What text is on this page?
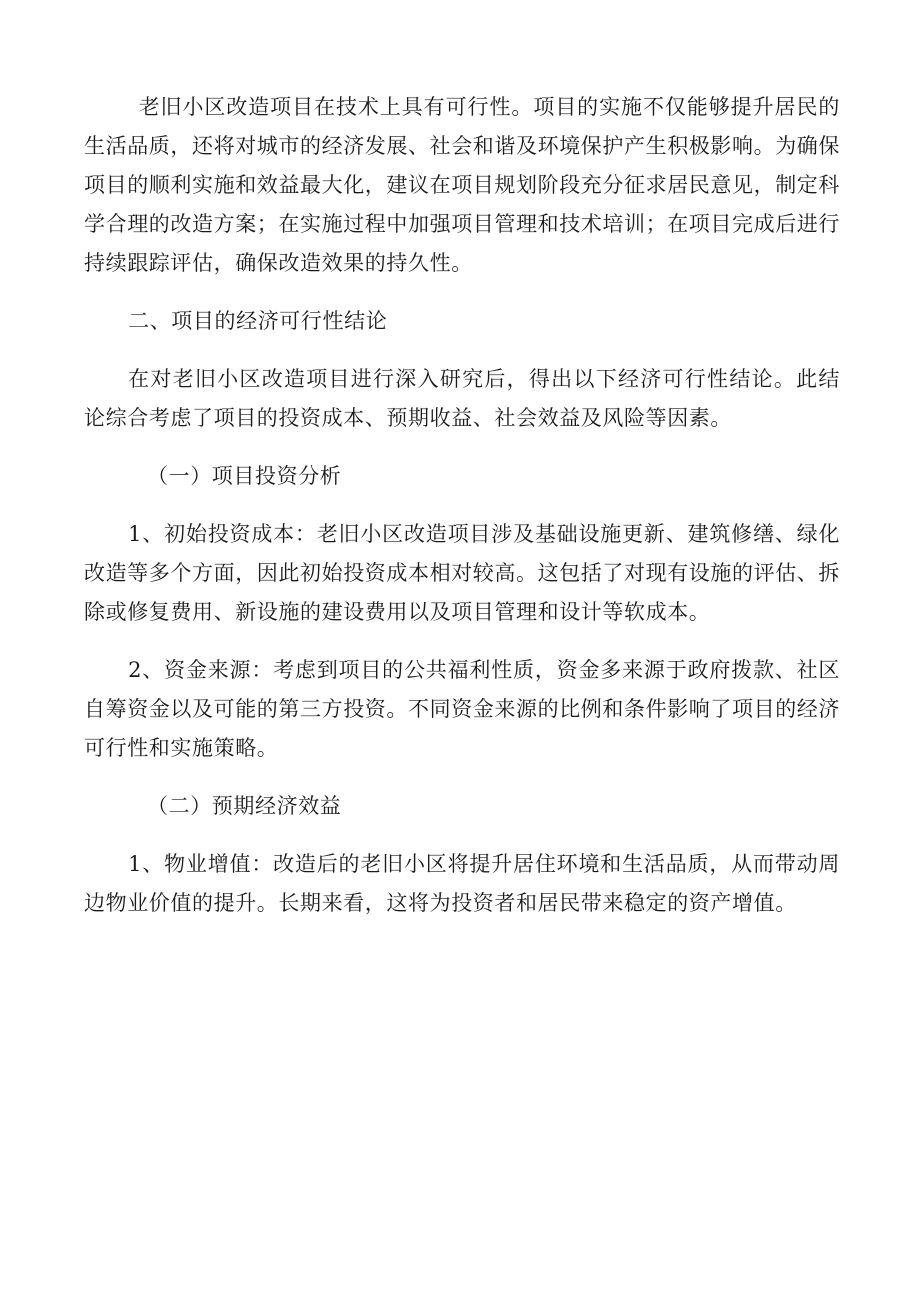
老旧小区改造项目在技术上具有可行性。项目的实施不仅能够提升居民的生活品质，还将对城市的经济发展、社会和谐及环境保护产生积极影响。为确保项目的顺利实施和效益最大化，建议在项目规划阶段充分征求居民意见，制定科学合理的改造方案；在实施过程中加强项目管理和技术培训；在项目完成后进行持续跟踪评估，确保改造效果的持久性。

二、项目的经济可行性结论

在对老旧小区改造项目进行深入研究后，得出以下经济可行性结论。此结论综合考虑了项目的投资成本、预期收益、社会效益及风险等因素。

（一）项目投资分析

1、初始投资成本：老旧小区改造项目涉及基础设施更新、建筑修缮、绿化改造等多个方面，因此初始投资成本相对较高。这包括了对现有设施的评估、拆除或修复费用、新设施的建设费用以及项目管理和设计等软成本。

2、资金来源：考虑到项目的公共福利性质，资金多来源于政府拨款、社区自筹资金以及可能的第三方投资。不同资金来源的比例和条件影响了项目的经济可行性和实施策略。

（二）预期经济效益

1、物业增值：改造后的老旧小区将提升居住环境和生活品质，从而带动周边物业价值的提升。长期来看，这将为投资者和居民带来稳定的资产增值。
